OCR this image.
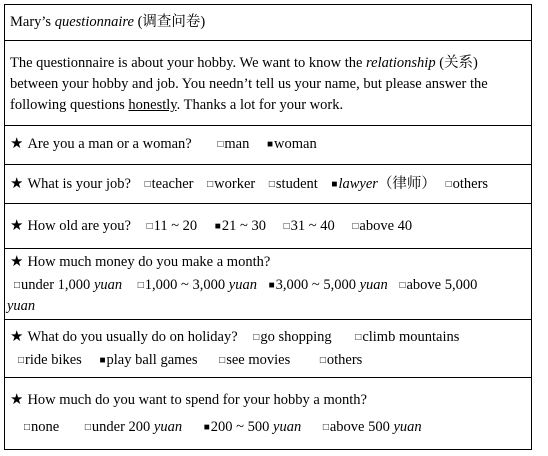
Mary’s questionnaire (调查问卷)
The questionnaire is about your hobby. We want to know the relationship (关系) between your hobby and job. You needn’t tell us your name, but please answer the following questions honestly. Thanks a lot for your work.
★ Are you a man or a woman?	□man ■woman
★ What is your job? □teacher □worker □student ■lawyer（律师） □others
★ How old are you? □11 ~ 20 ■21 ~ 30 □31 ~ 40 □above 40

★ How much money do you make a month?
□under 1,000 yuan □1,000 ~ 3,000 yuan ■3,000 ~ 5,000 yuan □above 5,000
yuan

★ What do you usually do on holiday? □go shopping □climb mountains
□ride bikes ■play ball games □see movies	□others

★ How much do you want to spend for your hobby a month?
□none	□under 200 yuan ■200 ~ 500 yuan □above 500 yuan
